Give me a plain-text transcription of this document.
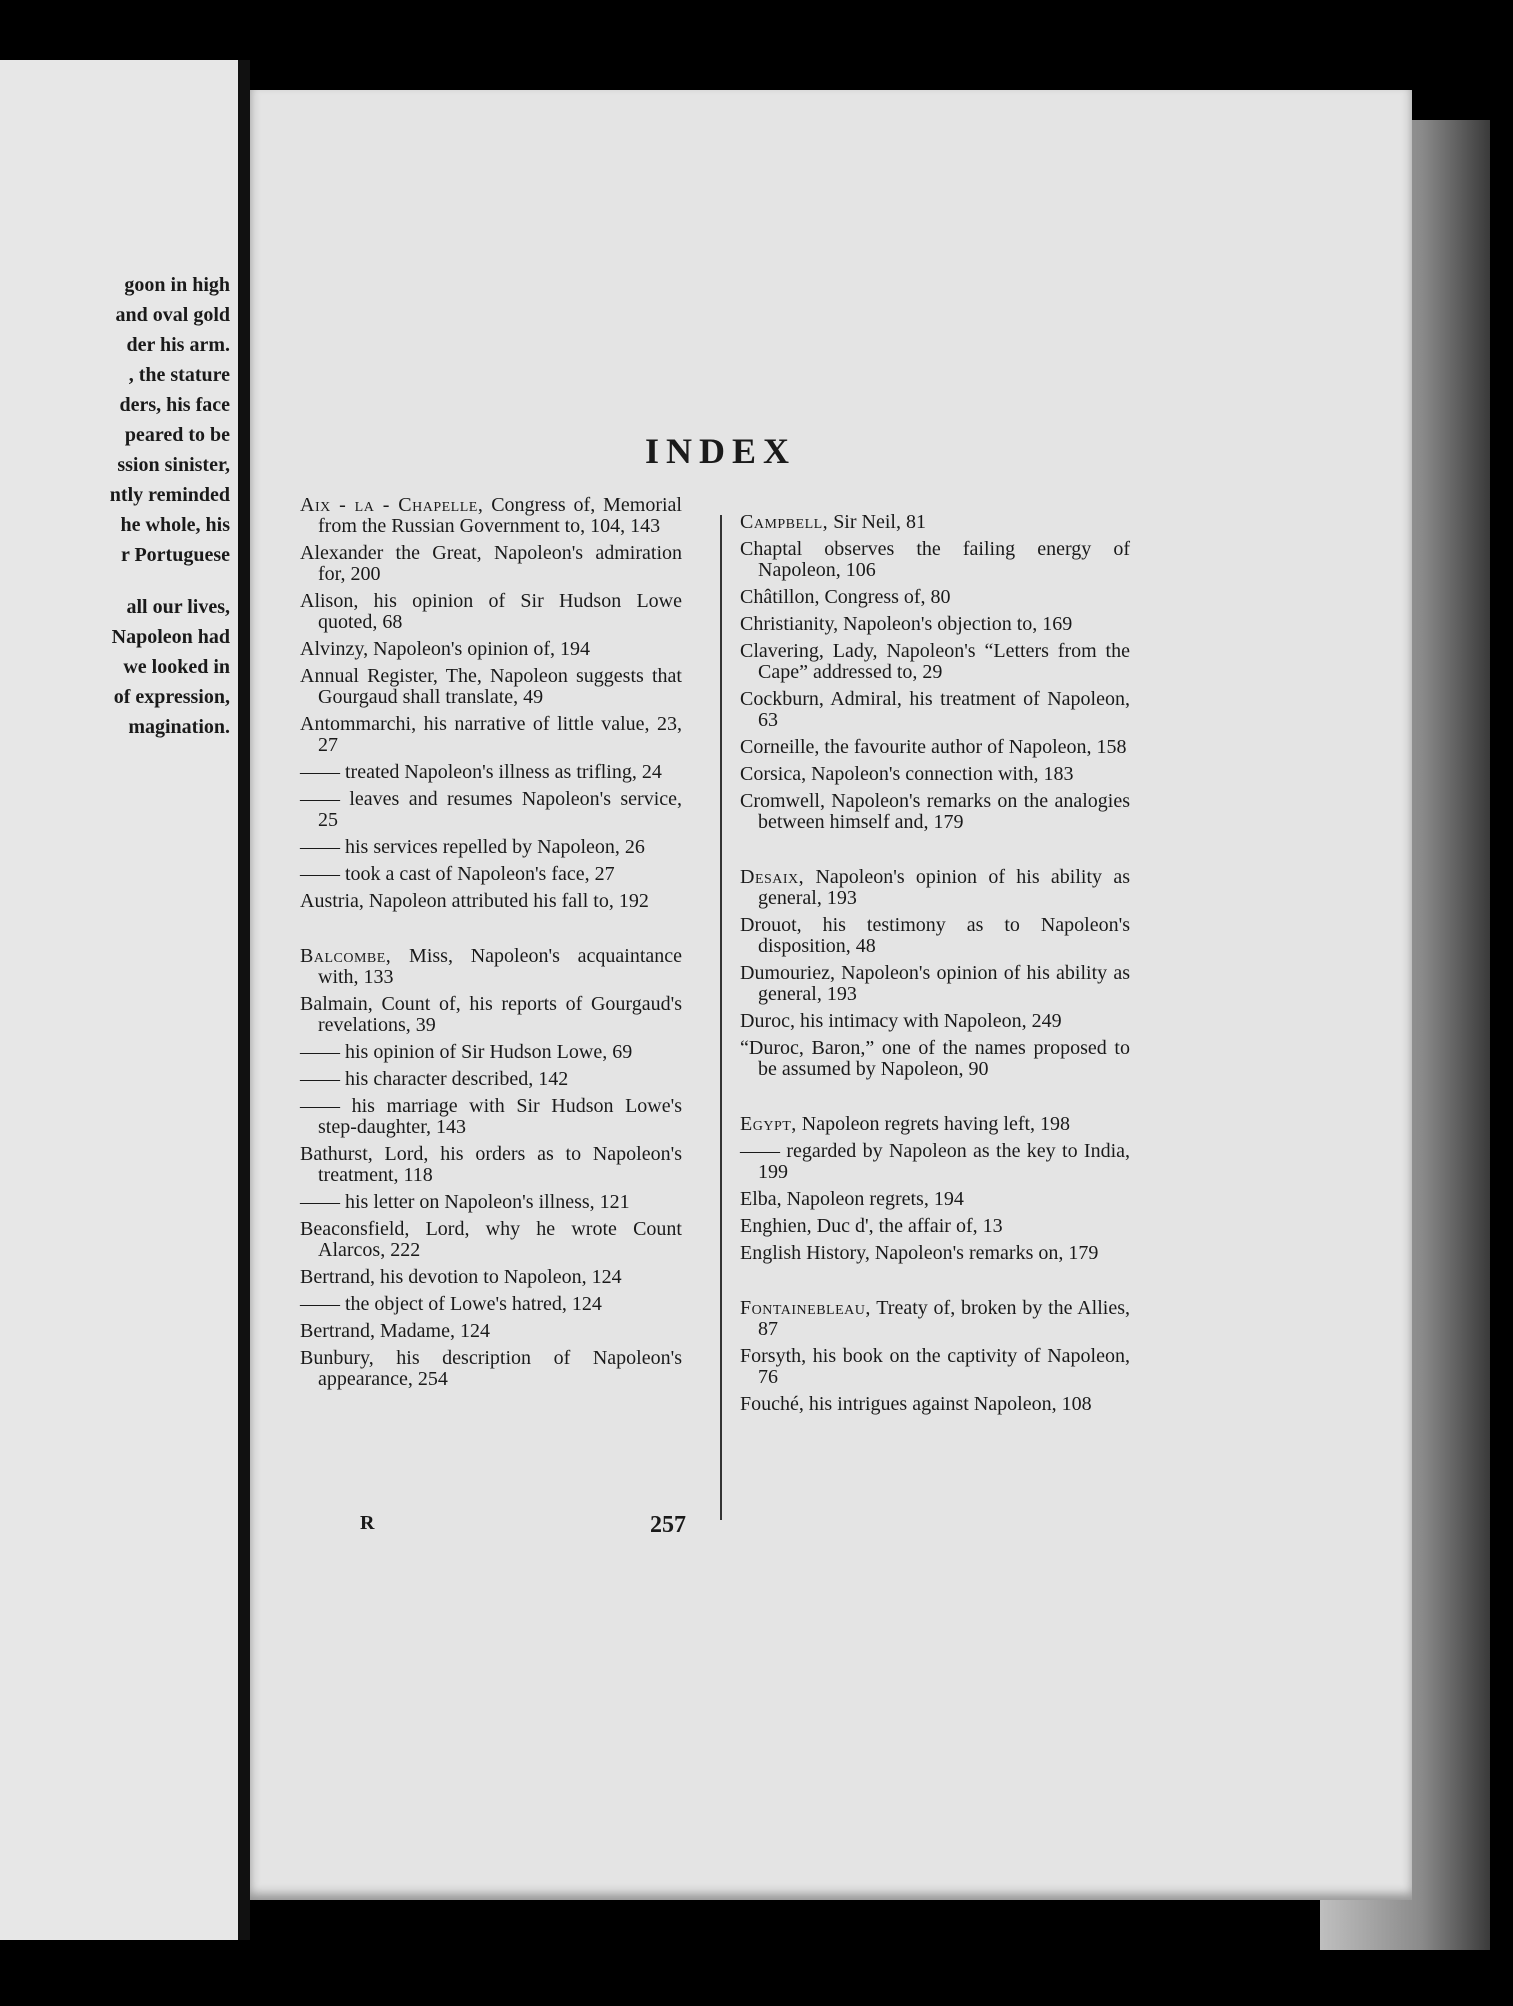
goon in high
and oval gold
der his arm.
, the stature
ders, his face
peared to be
ssion sinister,
ntly reminded
he whole, his
r Portuguese
all our lives,
Napoleon had
we looked in
of expression,
magination.
INDEX
Aix - la - Chapelle, Congress of, Memorial from the Russian Government to, 104, 143
Alexander the Great, Napoleon's admiration for, 200
Alison, his opinion of Sir Hudson Lowe quoted, 68
Alvinzy, Napoleon's opinion of, 194
Annual Register, The, Napoleon suggests that Gourgaud shall translate, 49
Antommarchi, his narrative of little value, 23, 27
—— treated Napoleon's illness as trifling, 24
—— leaves and resumes Napoleon's service, 25
—— his services repelled by Napoleon, 26
—— took a cast of Napoleon's face, 27
Austria, Napoleon attributed his fall to, 192
Balcombe, Miss, Napoleon's acquaintance with, 133
Balmain, Count of, his reports of Gourgaud's revelations, 39
—— his opinion of Sir Hudson Lowe, 69
—— his character described, 142
—— his marriage with Sir Hudson Lowe's step-daughter, 143
Bathurst, Lord, his orders as to Napoleon's treatment, 118
—— his letter on Napoleon's illness, 121
Beaconsfield, Lord, why he wrote Count Alarcos, 222
Bertrand, his devotion to Napoleon, 124
—— the object of Lowe's hatred, 124
Bertrand, Madame, 124
Bunbury, his description of Napoleon's appearance, 254
Campbell, Sir Neil, 81
Chaptal observes the failing energy of Napoleon, 106
Châtillon, Congress of, 80
Christianity, Napoleon's objection to, 169
Clavering, Lady, Napoleon's “Letters from the Cape” addressed to, 29
Cockburn, Admiral, his treatment of Napoleon, 63
Corneille, the favourite author of Napoleon, 158
Corsica, Napoleon's connection with, 183
Cromwell, Napoleon's remarks on the analogies between himself and, 179
Desaix, Napoleon's opinion of his ability as general, 193
Drouot, his testimony as to Napoleon's disposition, 48
Dumouriez, Napoleon's opinion of his ability as general, 193
Duroc, his intimacy with Napoleon, 249
“Duroc, Baron,” one of the names proposed to be assumed by Napoleon, 90
Egypt, Napoleon regrets having left, 198
—— regarded by Napoleon as the key to India, 199
Elba, Napoleon regrets, 194
Enghien, Duc d', the affair of, 13
English History, Napoleon's remarks on, 179
Fontainebleau, Treaty of, broken by the Allies, 87
Forsyth, his book on the captivity of Napoleon, 76
Fouché, his intrigues against Napoleon, 108
R	257
